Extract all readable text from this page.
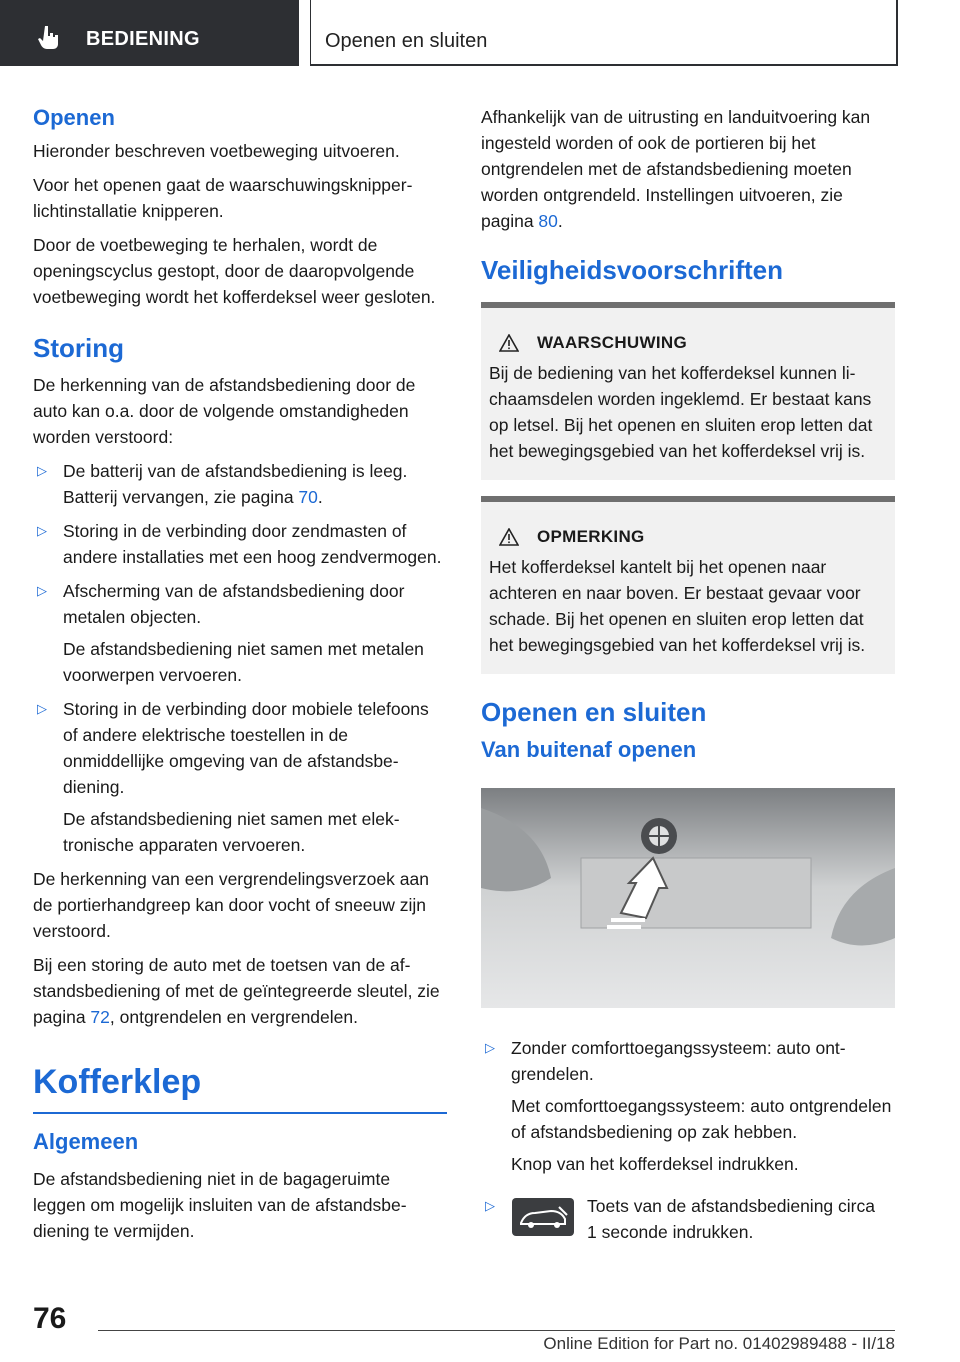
BEDIENING	Openen en sluiten
Openen

Hieronder beschreven voetbeweging uitvoeren.

Voor het openen gaat de waarschuwingsknipperlichtinstallatie knipperen.

Door de voetbeweging te herhalen, wordt de openingscyclus gestopt, door de daaropvolgende voetbeweging wordt het kofferdeksel weer gesloten.

Storing

De herkenning van de afstandsbediening door de auto kan o.a. door de volgende omstandigheden worden verstoord:

▷ De batterij van de afstandsbediening is leeg. Batterij vervangen, zie pagina 70.
▷ Storing in de verbinding door zendmasten of andere installaties met een hoog zendvermogen.
▷ Afscherming van de afstandsbediening door metalen objecten.

De afstandsbediening niet samen met metalen voorwerpen vervoeren.

▷ Storing in de verbinding door mobiele telefoons of andere elektrische toestellen in de onmiddellijke omgeving van de afstandsbediening.

De afstandsbediening niet samen met elektronische apparaten vervoeren.

De herkenning van een vergrendelingsverzoek aan de portierhandgreep kan door vocht of sneeuw zijn verstoord.

Bij een storing de auto met de toetsen van de afstandsbediening of met de geïntegreerde sleutel, zie pagina 72, ontgrendelen en vergrendelen.

Kofferklep
Algemeen

De afstandsbediening niet in de bagageruimte leggen om mogelijk insluiten van de afstandsbediening te vermijden.

Afhankelijk van de uitrusting en landuitvoering kan ingesteld worden of ook de portieren bij het ontgrendelen met de afstandsbediening moeten worden ontgrendeld. Instellingen uitvoeren, zie pagina 80.

Veiligheidsvoorschriften
WAARSCHUWING
Bij de bediening van het kofferdeksel kunnen lichaamsdelen worden ingeklemd. Er bestaat kans op letsel. Bij het openen en sluiten erop letten dat het bewegingsgebied van het kofferdeksel vrij is.
OPMERKING
Het kofferdeksel kantelt bij het openen naar achteren en naar boven. Er bestaat gevaar voor schade. Bij het openen en sluiten erop letten dat het bewegingsgebied van het kofferdeksel vrij is.
Openen en sluiten
Van buitenaf openen
▷ Zonder comforttoegangssysteem: auto ontgrendelen.

Met comforttoegangssysteem: auto ontgrendelen of afstandsbediening op zak hebben.

Knop van het kofferdeksel indrukken.

▷	Toets van de afstandsbediening circa 1 seconde indrukken.
76
Online Edition for Part no. 01402989488 - II/18
